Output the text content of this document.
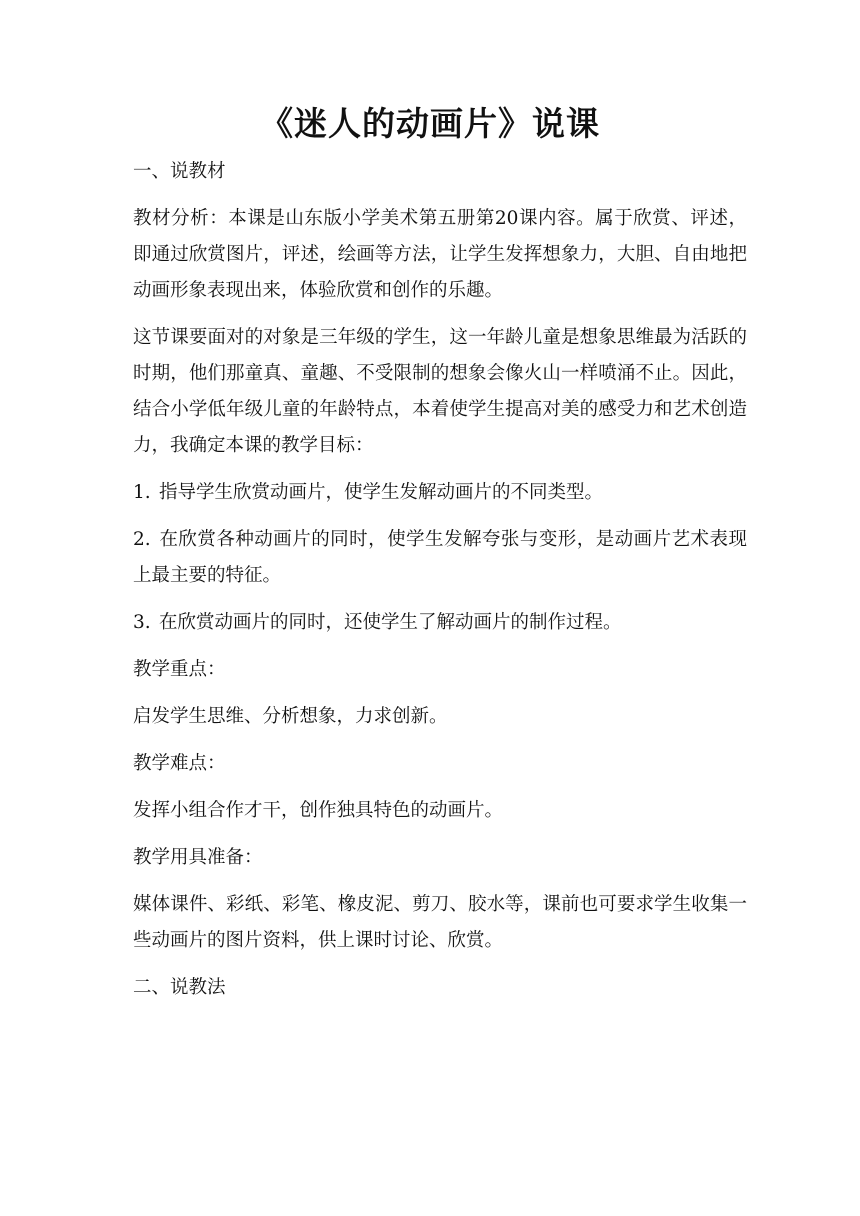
《迷人的动画片》说课

一、说教材

教材分析：本课是山东版小学美术第五册第20课内容。属于欣赏、评述，即通过欣赏图片，评述，绘画等方法，让学生发挥想象力，大胆、自由地把动画形象表现出来，体验欣赏和创作的乐趣。

这节课要面对的对象是三年级的学生，这一年龄儿童是想象思维最为活跃的时期，他们那童真、童趣、不受限制的想象会像火山一样喷涌不止。因此，结合小学低年级儿童的年龄特点，本着使学生提高对美的感受力和艺术创造力，我确定本课的教学目标：

1. 指导学生欣赏动画片，使学生发解动画片的不同类型。

2. 在欣赏各种动画片的同时，使学生发解夸张与变形，是动画片艺术表现上最主要的特征。

3. 在欣赏动画片的同时，还使学生了解动画片的制作过程。

教学重点：

启发学生思维、分析想象，力求创新。

教学难点：

发挥小组合作才干，创作独具特色的动画片。

教学用具准备：

媒体课件、彩纸、彩笔、橡皮泥、剪刀、胶水等，课前也可要求学生收集一些动画片的图片资料，供上课时讨论、欣赏。

二、说教法
